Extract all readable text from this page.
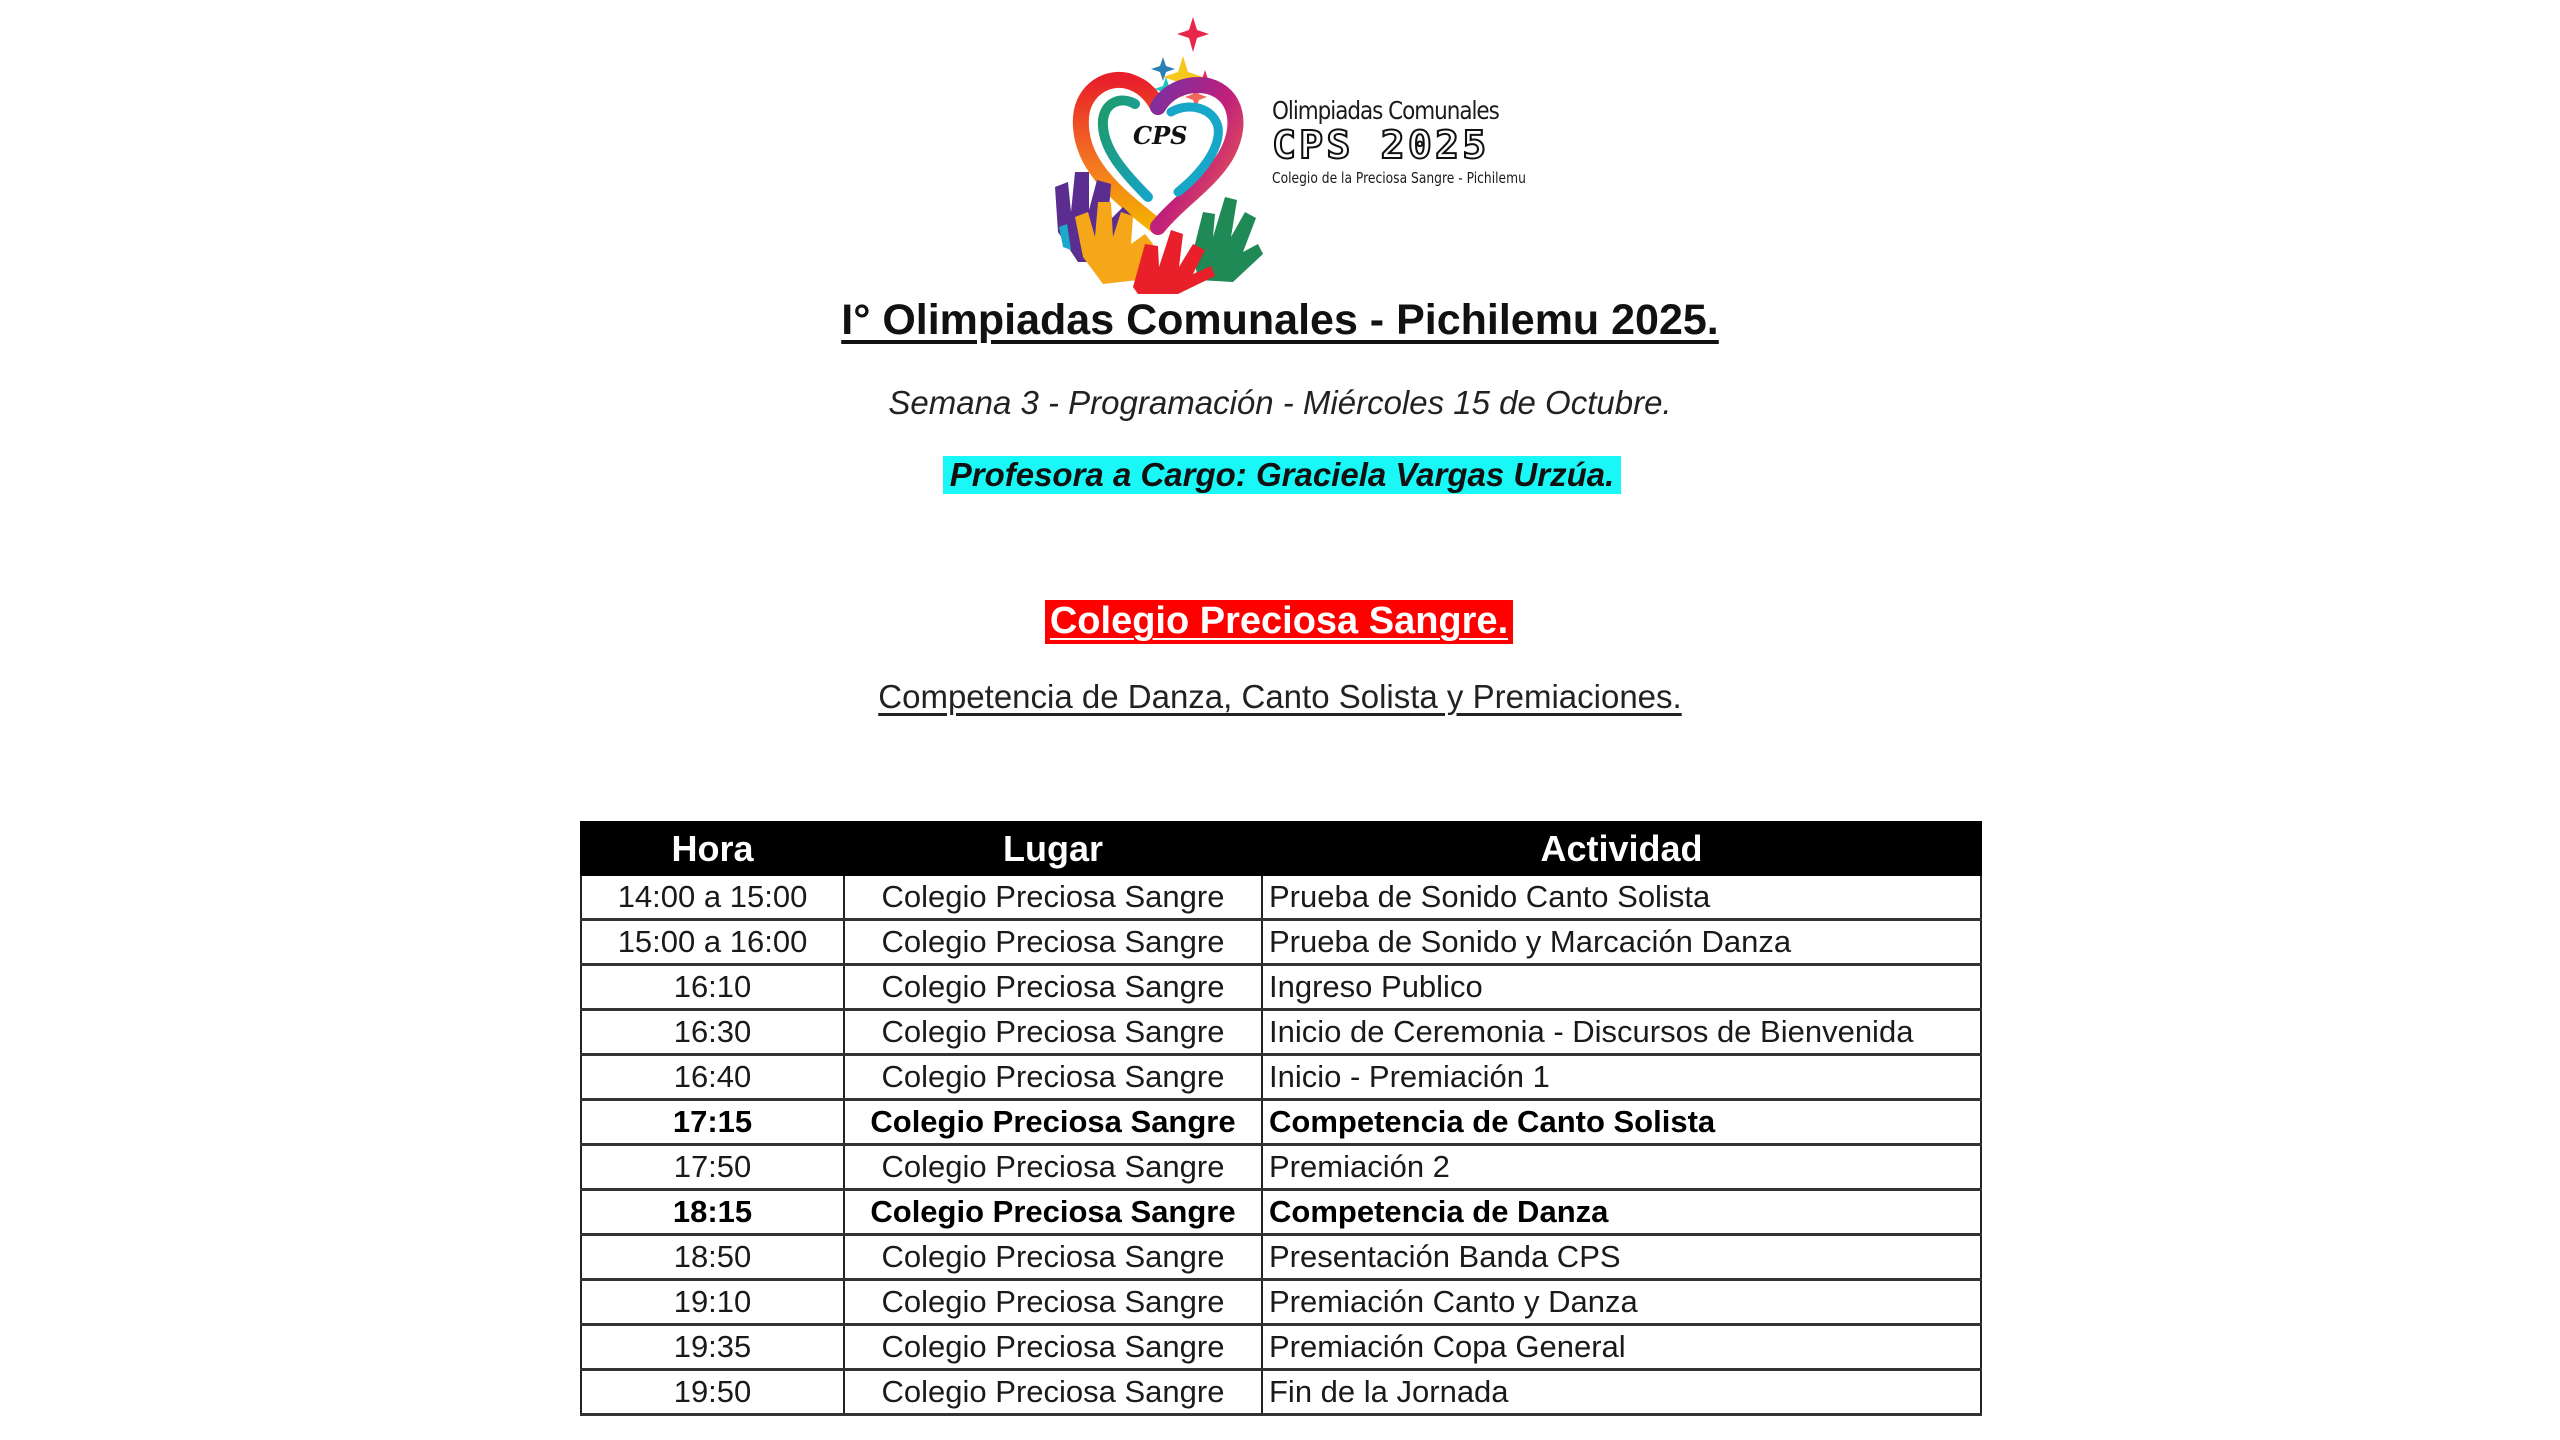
CPS
Olimpiadas Comunales
CPS 2025
Colegio de la Preciosa Sangre - Pichilemu
I° Olimpiadas Comunales - Pichilemu 2025.
Semana 3 - Programación - Miércoles 15 de Octubre.
Profesora a Cargo: Graciela Vargas Urzúa.
Colegio Preciosa Sangre.
Competencia de Danza, Canto Solista y Premiaciones.
Hora	Lugar	Actividad
14:00 a 15:00	Colegio Preciosa Sangre	Prueba de Sonido Canto Solista
15:00 a 16:00	Colegio Preciosa Sangre	Prueba de Sonido y Marcación Danza
16:10	Colegio Preciosa Sangre	Ingreso Publico
16:30	Colegio Preciosa Sangre	Inicio de Ceremonia - Discursos de Bienvenida
16:40	Colegio Preciosa Sangre	Inicio - Premiación 1
17:15	Colegio Preciosa Sangre	Competencia de Canto Solista
17:50	Colegio Preciosa Sangre	Premiación 2
18:15	Colegio Preciosa Sangre	Competencia de Danza
18:50	Colegio Preciosa Sangre	Presentación Banda CPS
19:10	Colegio Preciosa Sangre	Premiación Canto y Danza
19:35	Colegio Preciosa Sangre	Premiación Copa General
19:50	Colegio Preciosa Sangre	Fin de la Jornada
